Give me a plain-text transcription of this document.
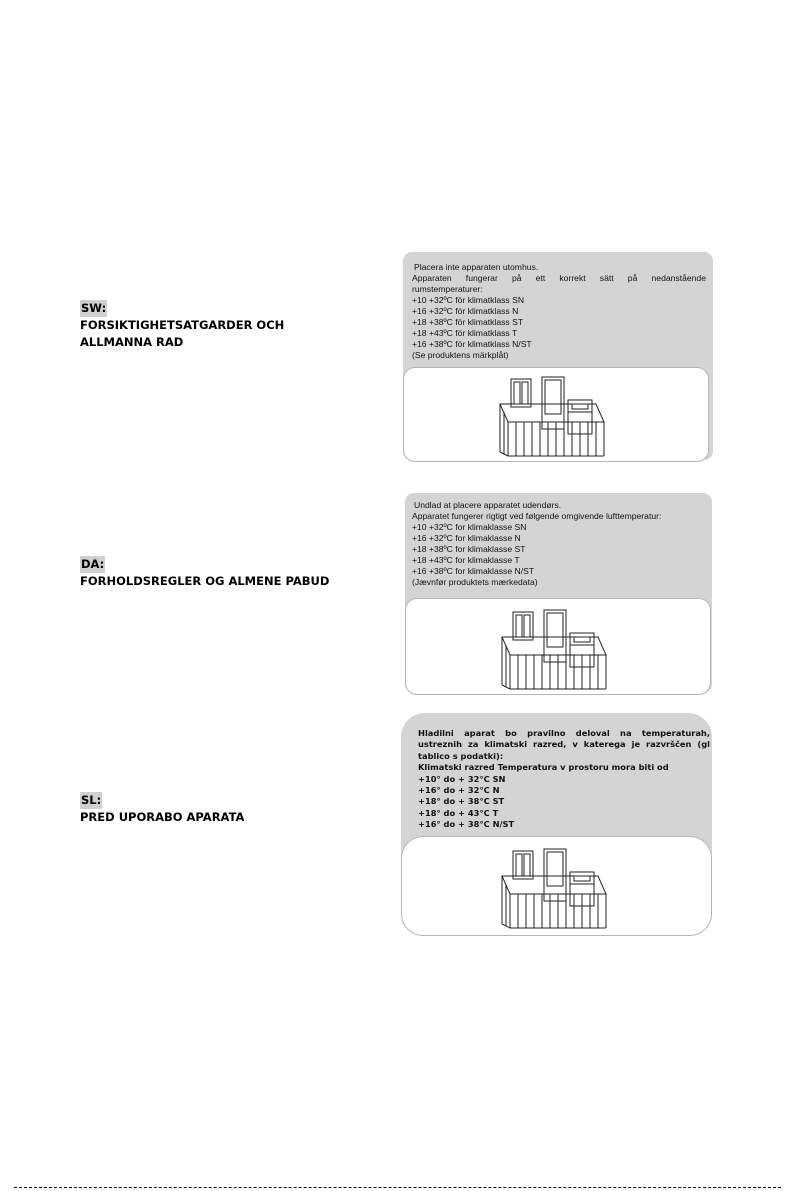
SW:
FORSIKTIGHETSATGARDER OCH
ALLMANNA RAD
Placera inte apparaten utomhus.
Apparaten fungerar på ett korrekt sätt på nedanstående
rumstemperaturer:
+10 +32ºC för klimatklass SN
+16 +32ºC för klimatklass N
+18 +38ºC för klimatklass ST
+18 +43ºC för klimatklass T
+16 +38ºC för klimatklass N/ST
(Se produktens märkplåt)
DA:
FORHOLDSREGLER OG ALMENE PABUD
Undlad at placere apparatet udendørs.
Apparatet fungerer rigtigt ved følgende omgivende lufttemperatur:
+10 +32ºC for klimaklasse SN
+16 +32ºC for klimaklasse N
+18 +38ºC for klimaklasse ST
+18 +43ºC for klimaklasse T
+16 +38ºC for klimaklasse N/ST
(Jævnfør produktets mærkedata)
SL:
PRED UPORABO APARATA
Hladilni aparat bo pravilno deloval na temperaturah,
ustreznih za klimatski razred, v katerega je razvrščen (gl
tablico s podatki):
Klimatski razred Temperatura v prostoru mora biti od
+10° do + 32°C SN
+16° do + 32°C N
+18° do + 38°C ST
+18° do + 43°C T
+16° do + 38°C N/ST
